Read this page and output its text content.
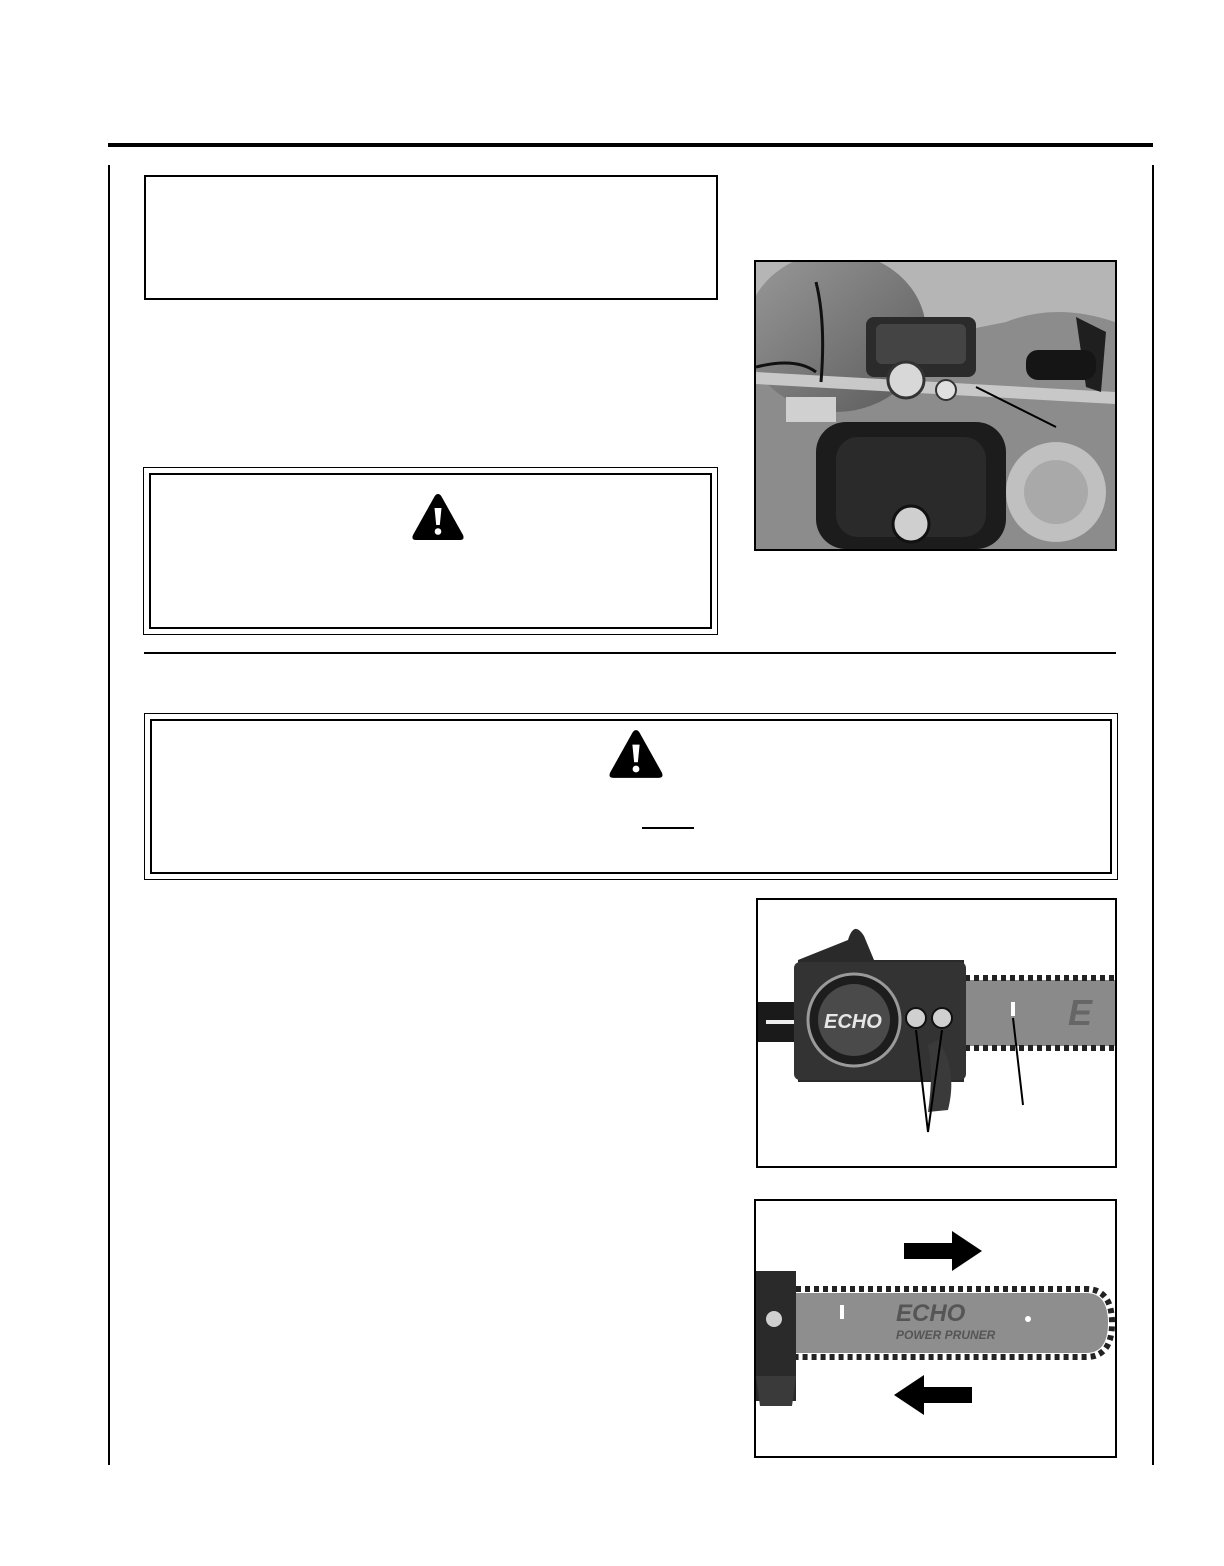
E
ECHO
ECHO
POWER PRUNER
